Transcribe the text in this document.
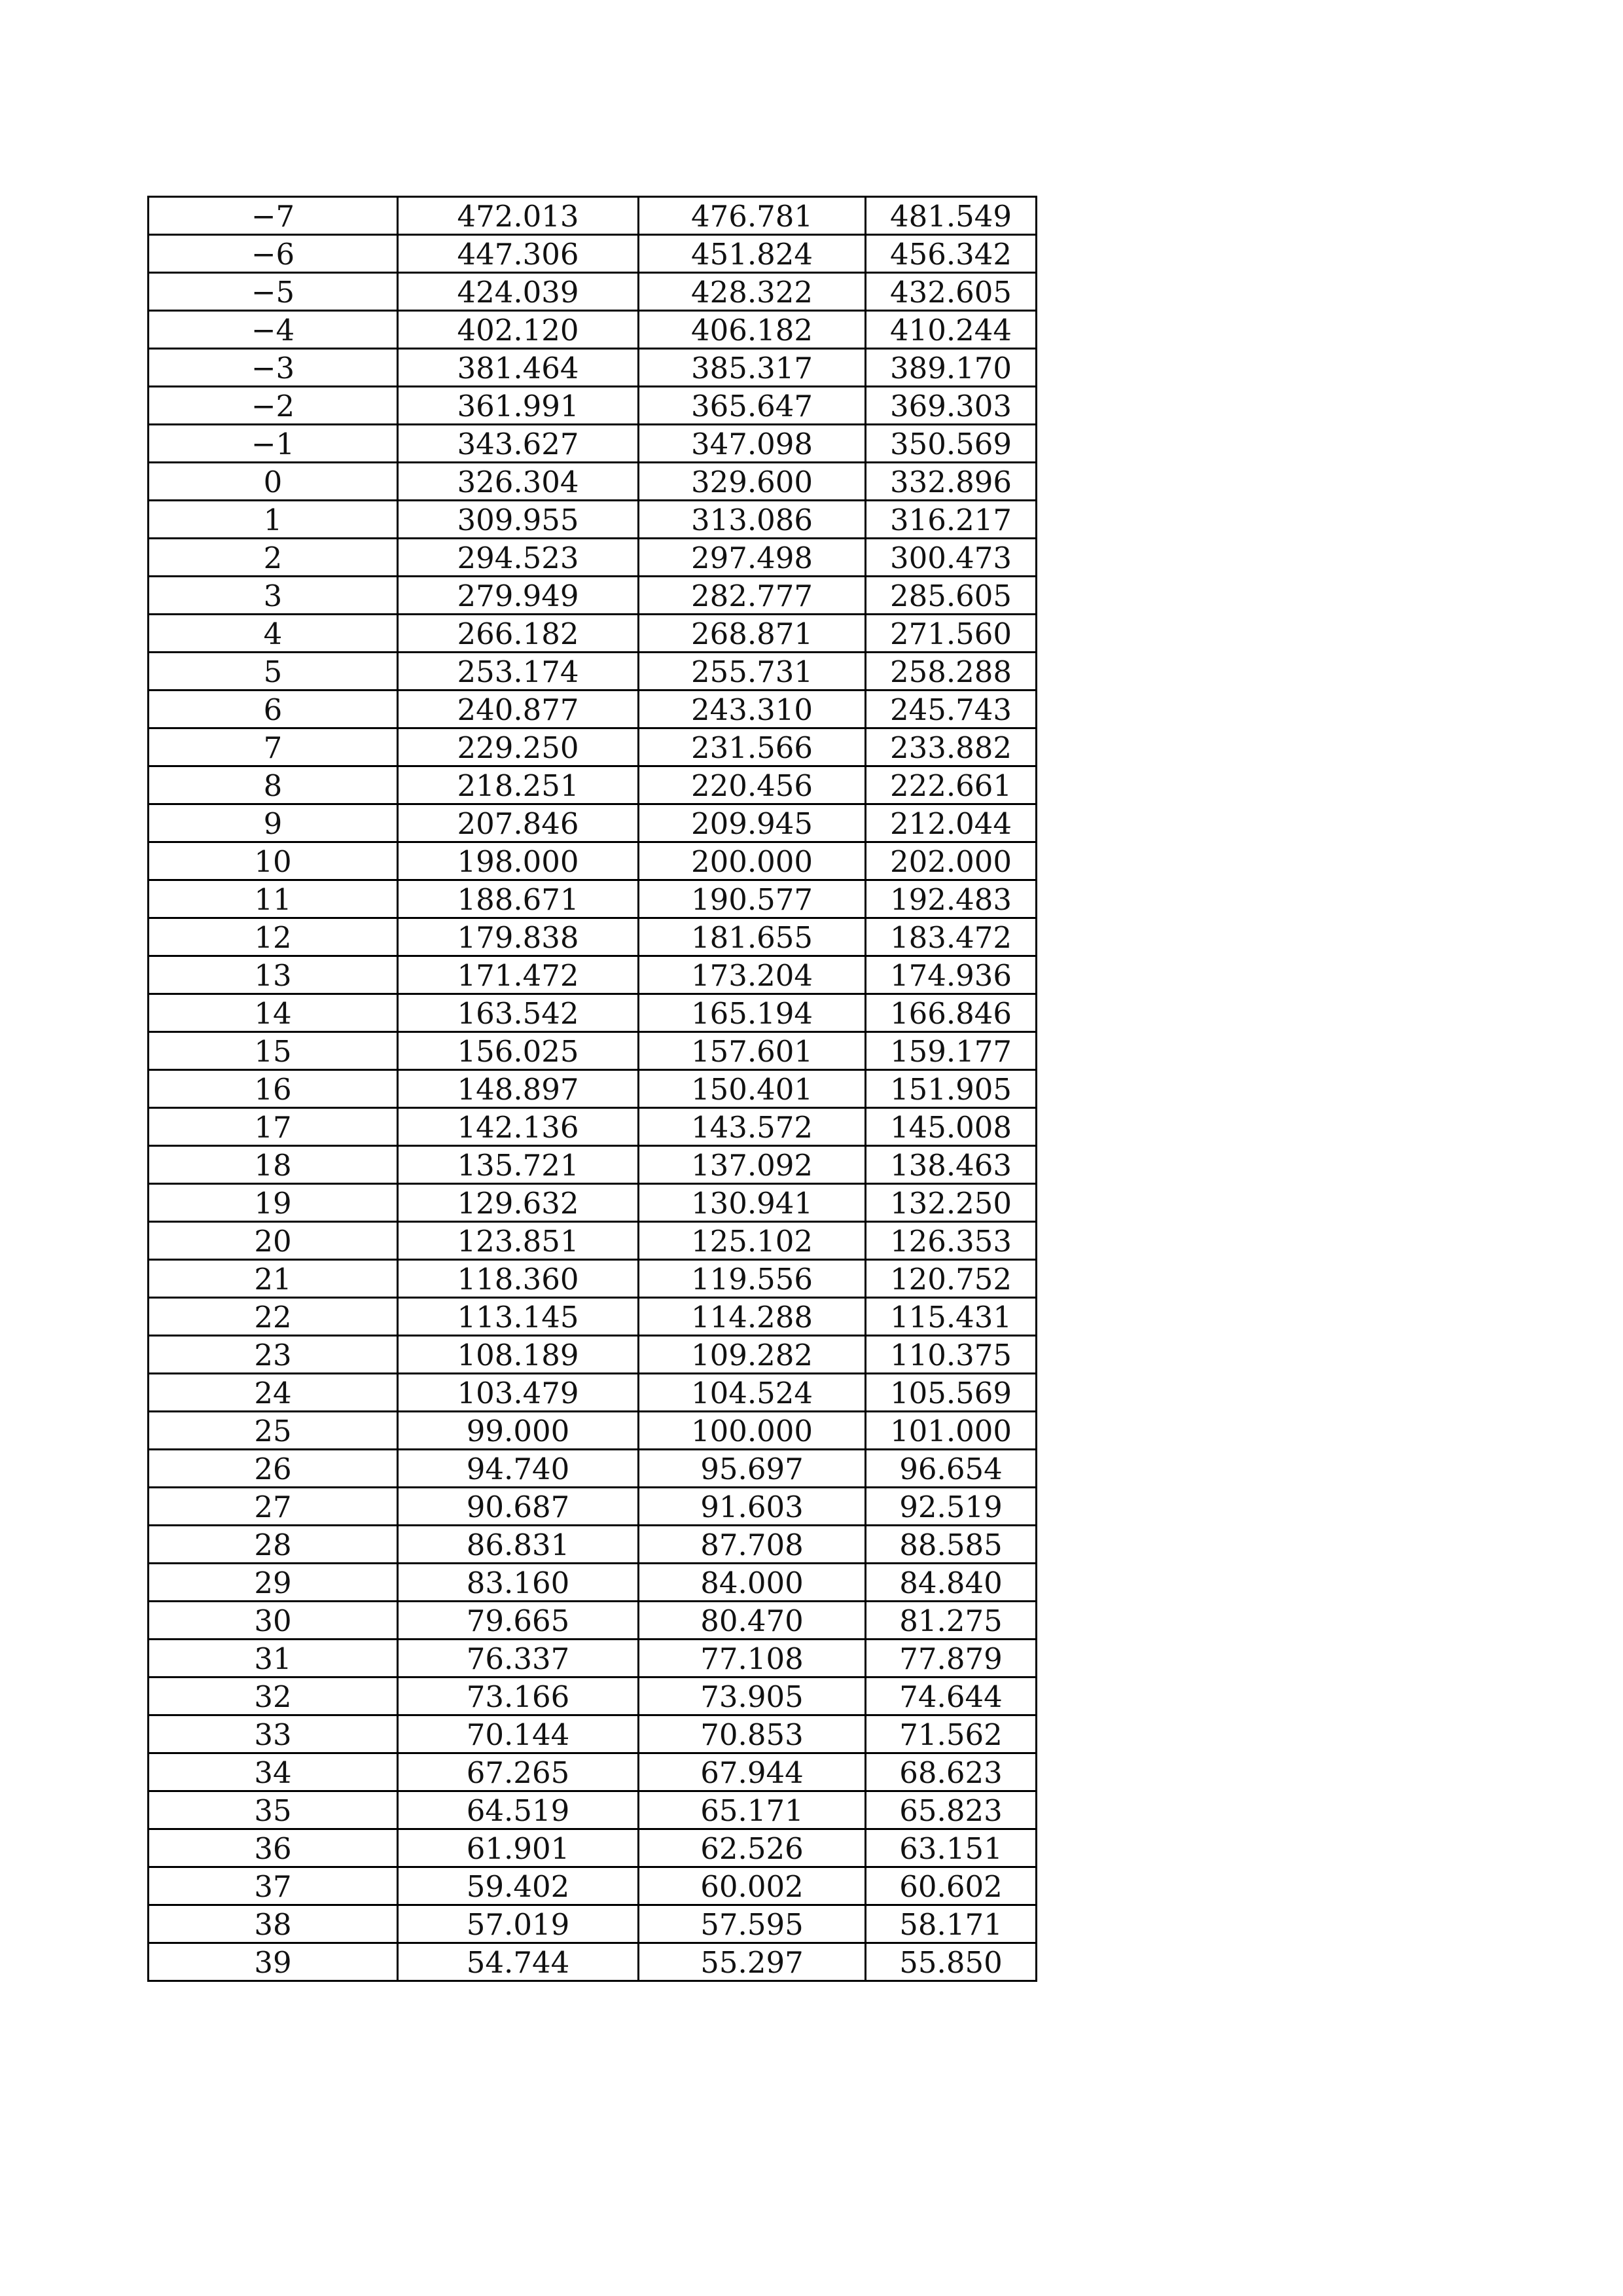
−7	472.013	476.781	481.549
−6	447.306	451.824	456.342
−5	424.039	428.322	432.605
−4	402.120	406.182	410.244
−3	381.464	385.317	389.170
−2	361.991	365.647	369.303
−1	343.627	347.098	350.569
0	326.304	329.600	332.896
1	309.955	313.086	316.217
2	294.523	297.498	300.473
3	279.949	282.777	285.605
4	266.182	268.871	271.560
5	253.174	255.731	258.288
6	240.877	243.310	245.743
7	229.250	231.566	233.882
8	218.251	220.456	222.661
9	207.846	209.945	212.044
10	198.000	200.000	202.000
11	188.671	190.577	192.483
12	179.838	181.655	183.472
13	171.472	173.204	174.936
14	163.542	165.194	166.846
15	156.025	157.601	159.177
16	148.897	150.401	151.905
17	142.136	143.572	145.008
18	135.721	137.092	138.463
19	129.632	130.941	132.250
20	123.851	125.102	126.353
21	118.360	119.556	120.752
22	113.145	114.288	115.431
23	108.189	109.282	110.375
24	103.479	104.524	105.569
25	99.000	100.000	101.000
26	94.740	95.697	96.654
27	90.687	91.603	92.519
28	86.831	87.708	88.585
29	83.160	84.000	84.840
30	79.665	80.470	81.275
31	76.337	77.108	77.879
32	73.166	73.905	74.644
33	70.144	70.853	71.562
34	67.265	67.944	68.623
35	64.519	65.171	65.823
36	61.901	62.526	63.151
37	59.402	60.002	60.602
38	57.019	57.595	58.171
39	54.744	55.297	55.850
